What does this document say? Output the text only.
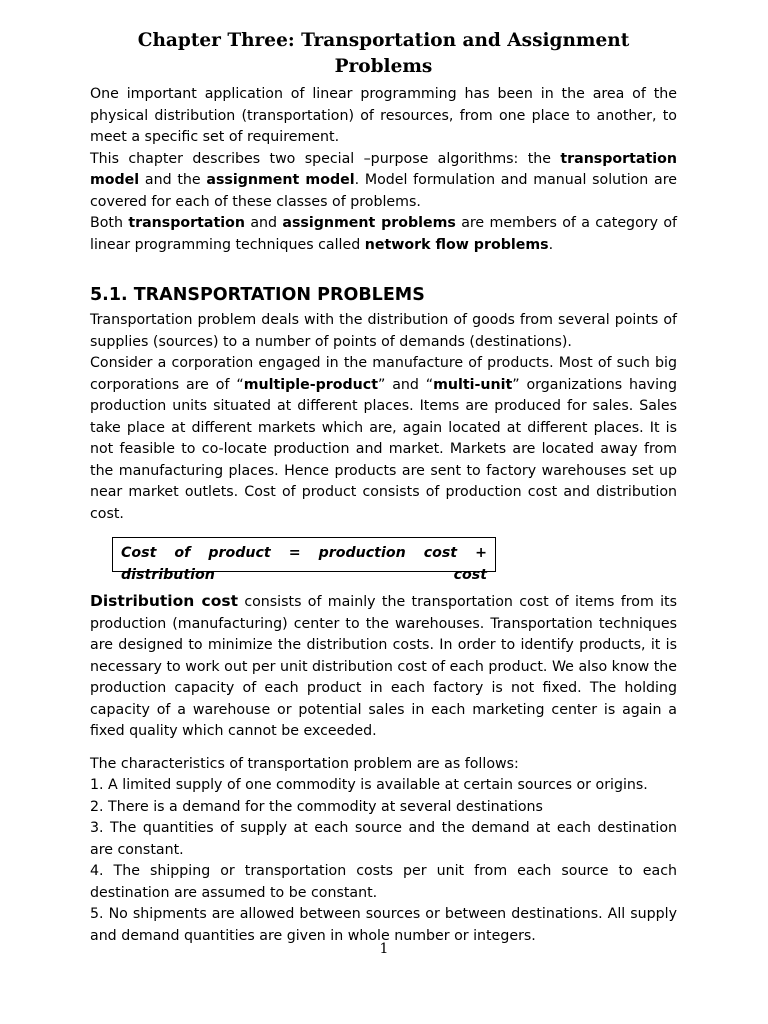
Chapter Three: Transportation and Assignment Problems

One important application of linear programming has been in the area of the physical distribution (transportation) of resources, from one place to another, to meet a specific set of requirement.

This chapter describes two special –purpose algorithms: the transportation model and the assignment model. Model formulation and manual solution are covered for each of these classes of problems.

Both transportation and assignment problems are members of a category of linear programming techniques called network flow problems.

5.1. TRANSPORTATION PROBLEMS

Transportation problem deals with the distribution of goods from several points of supplies (sources) to a number of points of demands (destinations).

Consider a corporation engaged in the manufacture of products. Most of such big corporations are of “multiple-product” and “multi-unit” organizations having production units situated at different places. Items are produced for sales. Sales take place at different markets which are, again located at different places. It is not feasible to co-locate production and market. Markets are located away from the manufacturing places. Hence products are sent to factory warehouses set up near market outlets. Cost of product consists of production cost and distribution cost.

Cost of product = production cost + distribution cost

Distribution cost consists of mainly the transportation cost of items from its production (manufacturing) center to the warehouses. Transportation techniques are designed to minimize the distribution costs. In order to identify products, it is necessary to work out per unit distribution cost of each product. We also know the production capacity of each product in each factory is not fixed. The holding capacity of a warehouse or potential sales in each marketing center is again a fixed quality which cannot be exceeded.

The characteristics of transportation problem are as follows:

1. A limited supply of one commodity is available at certain sources or origins.

2. There is a demand for the commodity at several destinations

3. The quantities of supply at each source and the demand at each destination are constant.

4. The shipping or transportation costs per unit from each source to each destination are assumed to be constant.

5. No shipments are allowed between sources or between destinations. All supply and demand quantities are given in whole number or integers.

1
